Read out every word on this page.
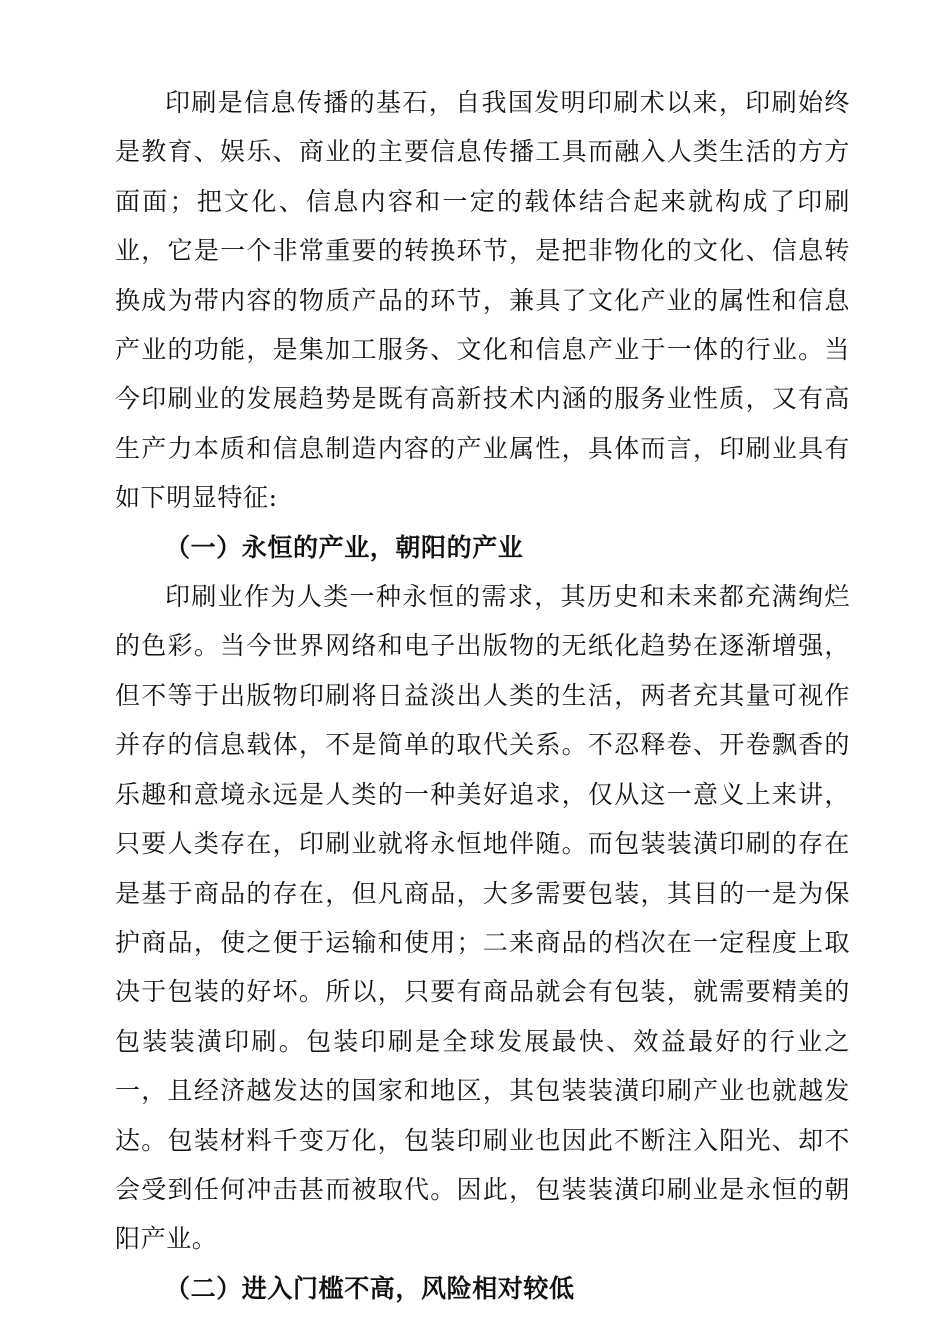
印刷是信息传播的基石，自我国发明印刷术以来，印刷始终是教育、娱乐、商业的主要信息传播工具而融入人类生活的方方面面；把文化、信息内容和一定的载体结合起来就构成了印刷业，它是一个非常重要的转换环节，是把非物化的文化、信息转换成为带内容的物质产品的环节，兼具了文化产业的属性和信息产业的功能，是集加工服务、文化和信息产业于一体的行业。当今印刷业的发展趋势是既有高新技术内涵的服务业性质，又有高生产力本质和信息制造内容的产业属性，具体而言，印刷业具有如下明显特征:

（一）永恒的产业，朝阳的产业

印刷业作为人类一种永恒的需求，其历史和未来都充满绚烂的色彩。当今世界网络和电子出版物的无纸化趋势在逐渐增强，但不等于出版物印刷将日益淡出人类的生活，两者充其量可视作并存的信息载体，不是简单的取代关系。不忍释卷、开卷飘香的乐趣和意境永远是人类的一种美好追求，仅从这一意义上来讲，只要人类存在，印刷业就将永恒地伴随。而包装装潢印刷的存在是基于商品的存在，但凡商品，大多需要包装，其目的一是为保护商品，使之便于运输和使用；二来商品的档次在一定程度上取决于包装的好坏。所以，只要有商品就会有包装，就需要精美的包装装潢印刷。包装印刷是全球发展最快、效益最好的行业之一，且经济越发达的国家和地区，其包装装潢印刷产业也就越发达。包装材料千变万化，包装印刷业也因此不断注入阳光、却不会受到任何冲击甚而被取代。因此，包装装潢印刷业是永恒的朝阳产业。

（二）进入门槛不高，风险相对较低
